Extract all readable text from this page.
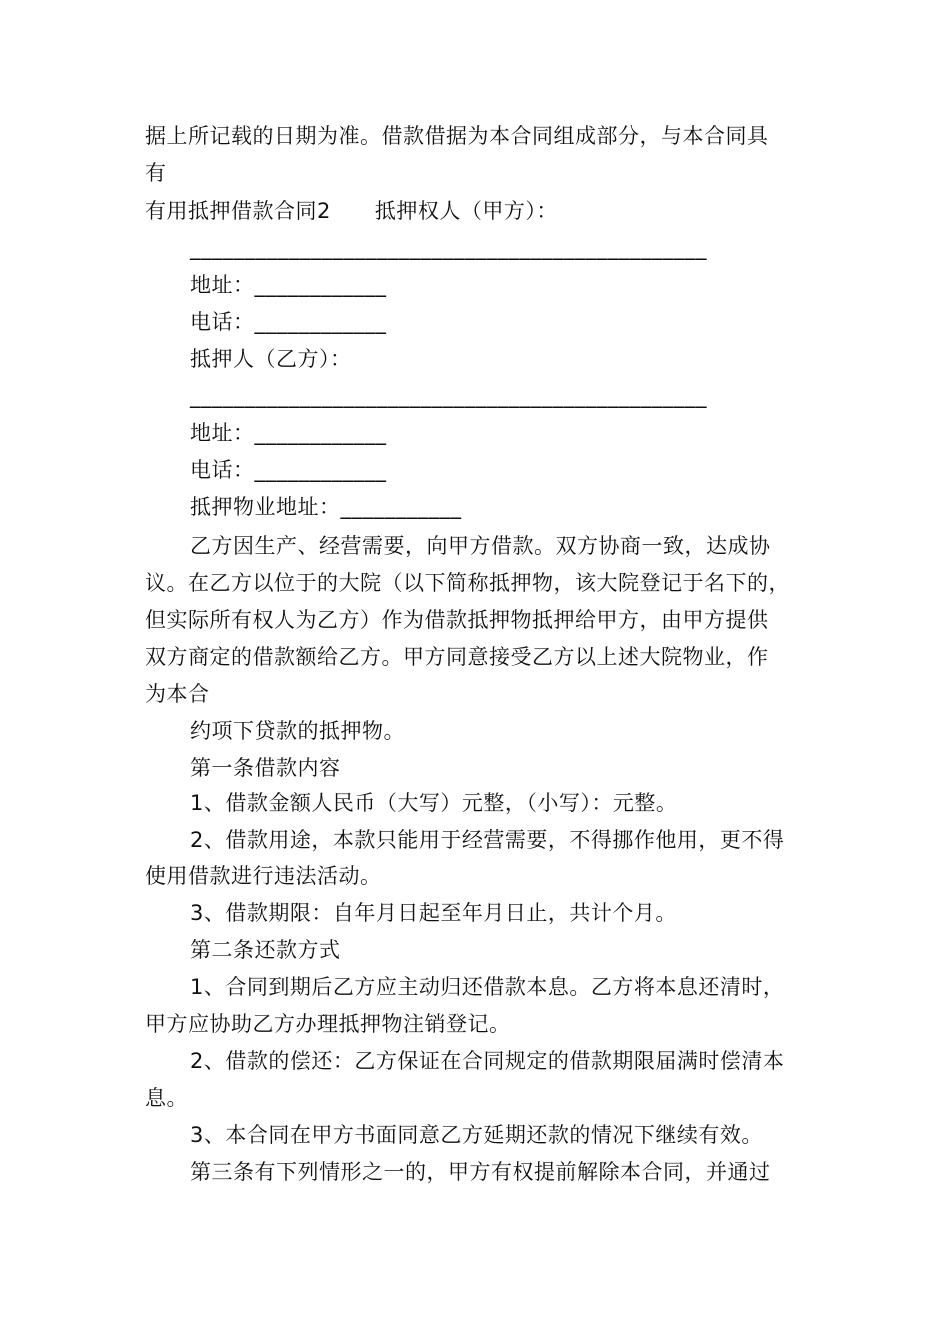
据上所记载的日期为准。借款借据为本合同组成部分，与本合同具
有
有用抵押借款合同2 抵押权人（甲方）：
_______________________________________________
地址：____________
电话：____________
抵押人（乙方）：
_______________________________________________
地址：____________
电话：____________
抵押物业地址：___________
乙方因生产、经营需要，向甲方借款。双方协商一致，达成协
议。在乙方以位于的大院（以下简称抵押物，该大院登记于名下的，
但实际所有权人为乙方）作为借款抵押物抵押给甲方，由甲方提供
双方商定的借款额给乙方。甲方同意接受乙方以上述大院物业，作
为本合
约项下贷款的抵押物。
第一条借款内容
1、借款金额人民币（大写）元整，（小写）：元整。
2、借款用途，本款只能用于经营需要，不得挪作他用，更不得
使用借款进行违法活动。
3、借款期限：自年月日起至年月日止，共计个月。
第二条还款方式
1、合同到期后乙方应主动归还借款本息。乙方将本息还清时，
甲方应协助乙方办理抵押物注销登记。
2、借款的偿还：乙方保证在合同规定的借款期限届满时偿清本
息。
3、本合同在甲方书面同意乙方延期还款的情况下继续有效。
第三条有下列情形之一的，甲方有权提前解除本合同，并通过
